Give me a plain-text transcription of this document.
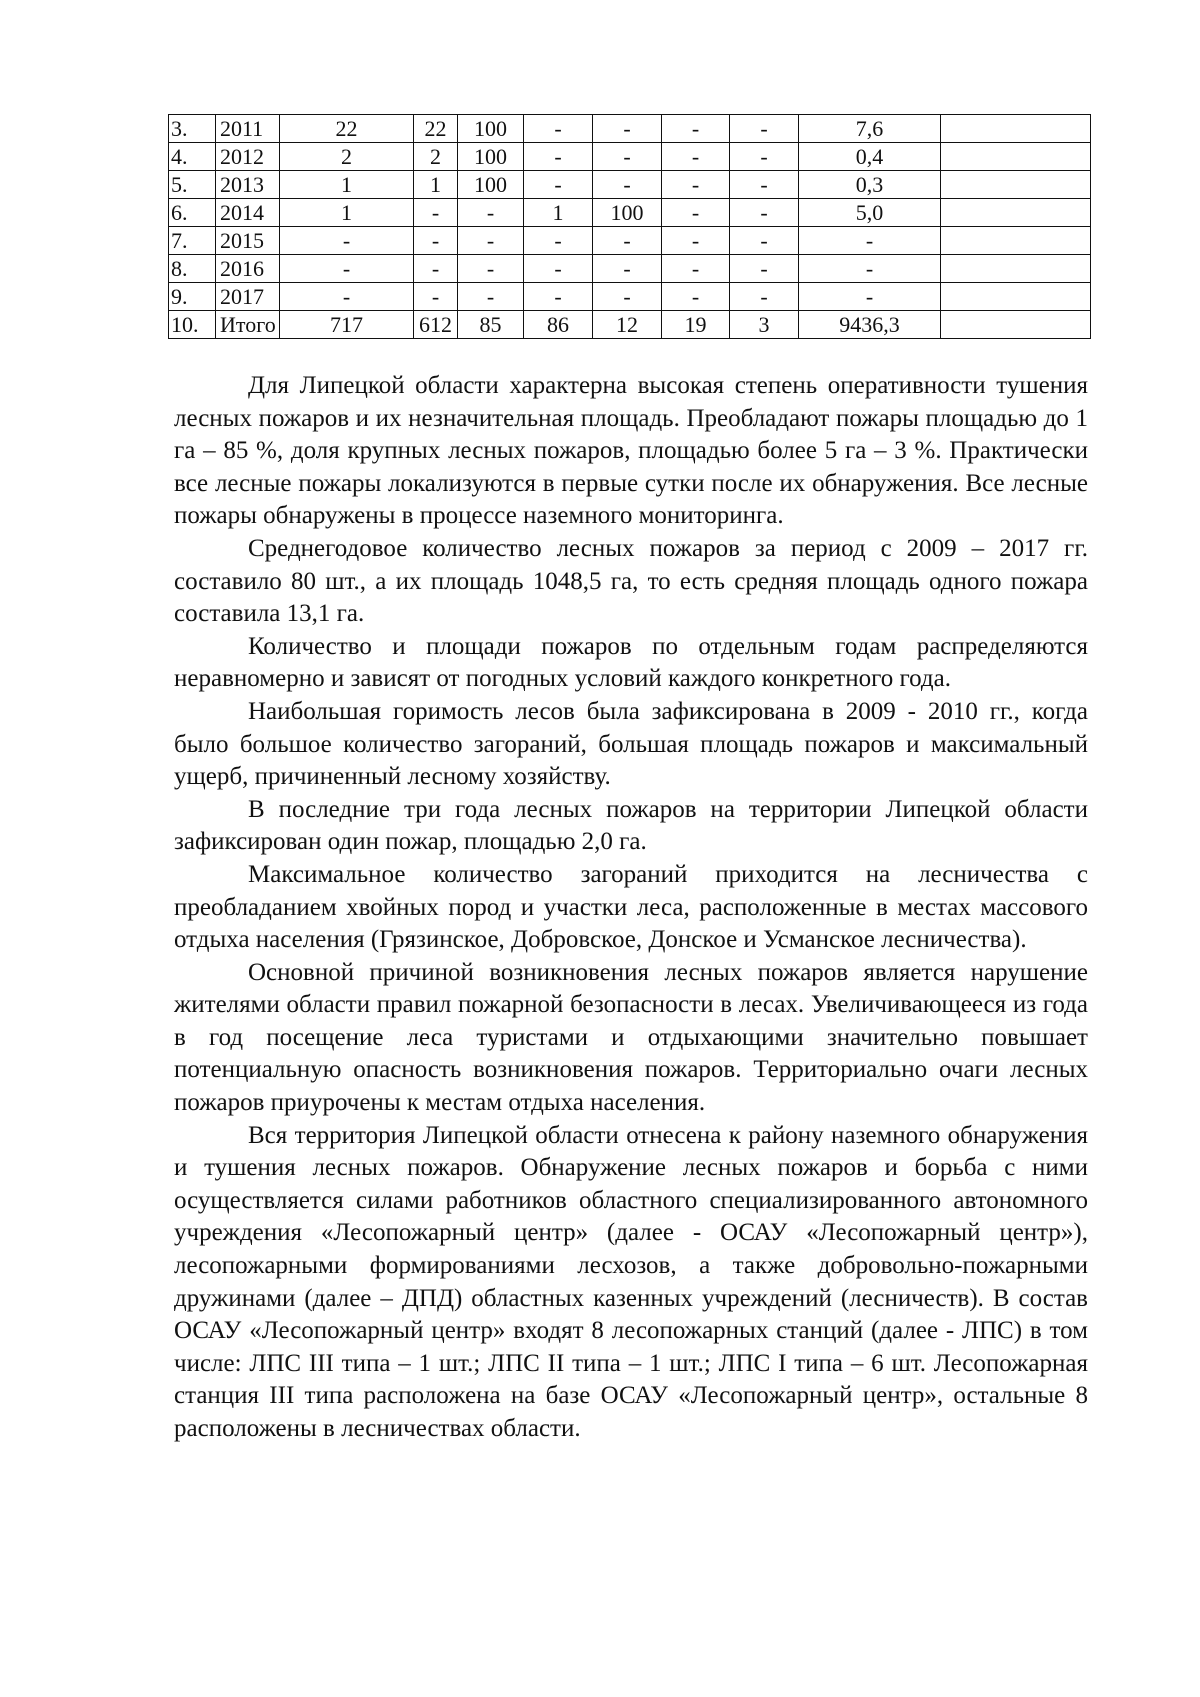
3.	2011	22	22	100	-	-	-	-	7,6	
4.	2012	2	2	100	-	-	-	-	0,4	
5.	2013	1	1	100	-	-	-	-	0,3	
6.	2014	1	-	-	1	100	-	-	5,0	
7.	2015	-	-	-	-	-	-	-	-	
8.	2016	-	-	-	-	-	-	-	-	
9.	2017	-	-	-	-	-	-	-	-	
10.	Итого	717	612	85	86	12	19	3	9436,3	

Для Липецкой области характерна высокая степень оперативности тушения лесных пожаров и их незначительная площадь. Преобладают пожары площадью до 1 га – 85 %, доля крупных лесных пожаров, площадью более 5 га – 3 %. Практически все лесные пожары локализуются в первые сутки после их обнаружения. Все лесные пожары обнаружены в процессе наземного мониторинга.

Среднегодовое количество лесных пожаров за период с 2009 – 2017 гг. составило 80 шт., а их площадь 1048,5 га, то есть средняя площадь одного пожара составила 13,1 га.

Количество и площади пожаров по отдельным годам распределяются неравномерно и зависят от погодных условий каждого конкретного года.

Наибольшая горимость лесов была зафиксирована в 2009 - 2010 гг., когда было большое количество загораний, большая площадь пожаров и максимальный ущерб, причиненный лесному хозяйству.

В последние три года лесных пожаров на территории Липецкой области зафиксирован один пожар, площадью 2,0 га.

Максимальное количество загораний приходится на лесничества с преобладанием хвойных пород и участки леса, расположенные в местах массового отдыха населения (Грязинское, Добровское, Донское и Усманское лесничества).

Основной причиной возникновения лесных пожаров является нарушение жителями области правил пожарной безопасности в лесах. Увеличивающееся из года в год посещение леса туристами и отдыхающими значительно повышает потенциальную опасность возникновения пожаров. Территориально очаги лесных пожаров приурочены к местам отдыха населения.

Вся территория Липецкой области отнесена к району наземного обнаружения и тушения лесных пожаров. Обнаружение лесных пожаров и борьба с ними осуществляется силами работников областного специализированного автономного учреждения «Лесопожарный центр» (далее - ОСАУ «Лесопожарный центр»), лесопожарными формированиями лесхозов, а также добровольно-пожарными дружинами (далее – ДПД) областных казенных учреждений (лесничеств). В состав ОСАУ «Лесопожарный центр» входят 8 лесопожарных станций (далее - ЛПС) в том числе: ЛПС III типа – 1 шт.; ЛПС II типа – 1 шт.; ЛПС I типа – 6 шт. Лесопожарная станция III типа расположена на базе ОСАУ «Лесопожарный центр», остальные 8 расположены в лесничествах области.
